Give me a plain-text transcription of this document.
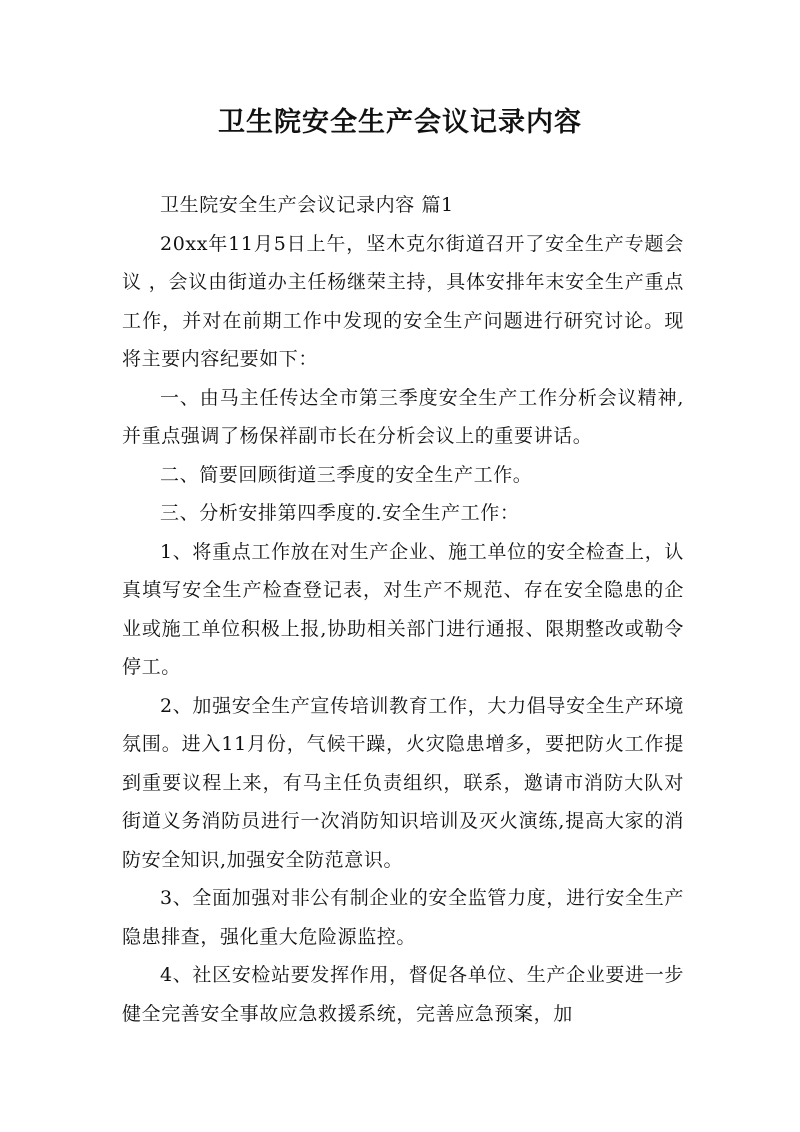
卫生院安全生产会议记录内容

卫生院安全生产会议记录内容 篇1

20xx年11月5日上午，坚木克尔街道召开了安全生产专题会议 ，会议由街道办主任杨继荣主持，具体安排年末安全生产重点工作，并对在前期工作中发现的安全生产问题进行研究讨论。现将主要内容纪要如下：

一、由马主任传达全市第三季度安全生产工作分析会议精神,并重点强调了杨保祥副市长在分析会议上的重要讲话。

二、简要回顾街道三季度的安全生产工作。

三、分析安排第四季度的.安全生产工作：

1、将重点工作放在对生产企业、施工单位的安全检查上，认真填写安全生产检查登记表，对生产不规范、存在安全隐患的企业或施工单位积极上报,协助相关部门进行通报、限期整改或勒令停工。

2、加强安全生产宣传培训教育工作，大力倡导安全生产环境氛围。进入11月份，气候干躁，火灾隐患增多，要把防火工作提到重要议程上来，有马主任负责组织，联系，邀请市消防大队对街道义务消防员进行一次消防知识培训及灭火演练,提高大家的消防安全知识,加强安全防范意识。

3、全面加强对非公有制企业的安全监管力度，进行安全生产隐患排查，强化重大危险源监控。

4、社区安检站要发挥作用，督促各单位、生产企业要进一步健全完善安全事故应急救援系统，完善应急预案，加
